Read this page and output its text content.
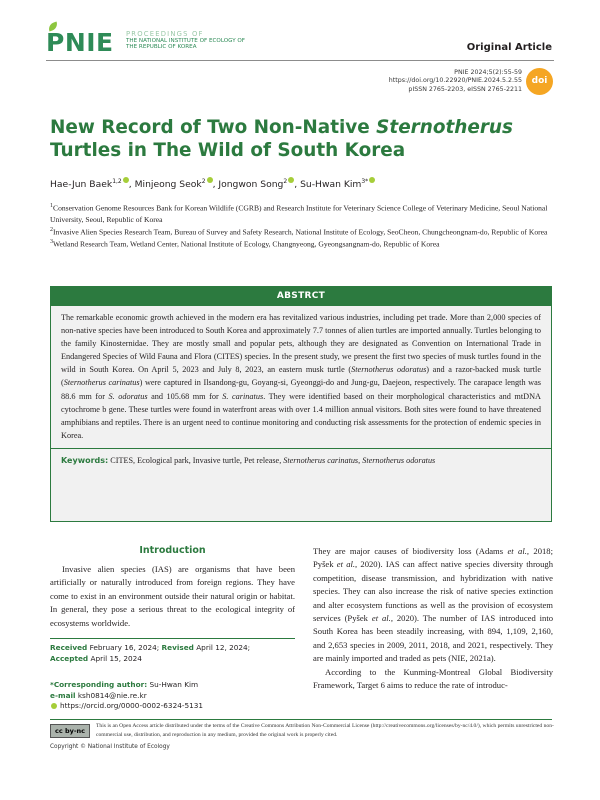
PNIE PROCEEDINGS OF
THE NATIONAL INSTITUTE OF ECOLOGY OF
THE REPUBLIC OF KOREA	Original Article
PNIE 2024;5(2):55-59
https://doi.org/10.22920/PNIE.2024.5.2.55
pISSN 2765-2203, eISSN 2765-2211
doi
New Record of Two Non-Native Sternotherus Turtles in The Wild of South Korea
Hae-Jun Baek$^{1,2}$ , Minjeong Seok$^2$ , Jongwon Song$^2$ , Su-Hwan Kim$^{3*}$

$^1$Conservation Genome Resources Bank for Korean Wildlife (CGRB) and Research Institute for Veterinary Science College of Veterinary Medicine, Seoul National University, Seoul, Republic of Korea

$^2$Invasive Alien Species Research Team, Bureau of Survey and Safety Research, National Institute of Ecology, SeoCheon, Chungcheongnam-do, Republic of Korea

$^3$Wetland Research Team, Wetland Center, National Institute of Ecology, Changnyeong, Gyeongsangnam-do, Republic of Korea

ABSTRCT

The remarkable economic growth achieved in the modern era has revitalized various industries, including pet trade. More than 2,000 species of non-native species have been introduced to South Korea and approximately 7.7 tonnes of alien turtles are imported annually. Turtles belonging to the family Kinosternidae. They are mostly small and popular pets, although they are designated as Convention on International Trade in Endangered Species of Wild Fauna and Flora (CITES) species. In the present study, we present the first two species of musk turtles found in the wild in South Korea. On April 5, 2023 and July 8, 2023, an eastern musk turtle (Sternotherus odoratus) and a razor-backed musk turtle (Sternotherus carinatus) were captured in Ilsandong-gu, Goyang-si, Gyeonggi-do and Jung-gu, Daejeon, respectively. The carapace length was 88.6 mm for S. odoratus and 105.68 mm for S. carinatus. They were identified based on their morphological characteristics and mtDNA cytochrome b gene. These turtles were found in waterfront areas with over 1.4 million annual visitors. Both sites were found to have threatened amphibians and reptiles. There is an urgent need to continue monitoring and conducting risk assessments for the protection of endemic species in Korea.

Keywords: CITES, Ecological park, Invasive turtle, Pet release, Sternotherus carinatus, Sternotherus odoratus

Introduction

Invasive alien species (IAS) are organisms that have been artificially or naturally introduced from foreign regions. They have come to exist in an environment outside their natural origin or habitat. In general, they pose a serious threat to the ecological integrity of ecosystems worldwide.

Received February 16, 2024; Revised April 12, 2024;
Accepted April 15, 2024
*Corresponding author: Su-Hwan Kim
e-mail ksh0814@nie.re.kr
https://orcid.org/0000-0002-6324-5131

They are major causes of biodiversity loss (Adams et al., 2018; Pyšek et al., 2020). IAS can affect native species diversity through competition, disease transmission, and hybridization with native species. They can also increase the risk of native species extinction and alter ecosystem functions as well as the provision of ecosystem services (Pyšek et al., 2020). The number of IAS introduced into South Korea has been steadily increasing, with 894, 1,109, 2,160, and 2,653 species in 2009, 2011, 2018, and 2021, respectively. They are mainly imported and traded as pets (NIE, 2021a).

According to the Kunming-Montreal Global Biodiversity Framework, Target 6 aims to reduce the rate of introduc-

cc by-nc

This is an Open Access article distributed under the terms of the Creative Commons Attribution Non-Commercial License (http://creativecommons.org/licenses/by-nc/4.0/), which permits unrestricted non-commercial use, distribution, and reproduction in any medium, provided the original work is properly cited.

Copyright © National Institute of Ecology
